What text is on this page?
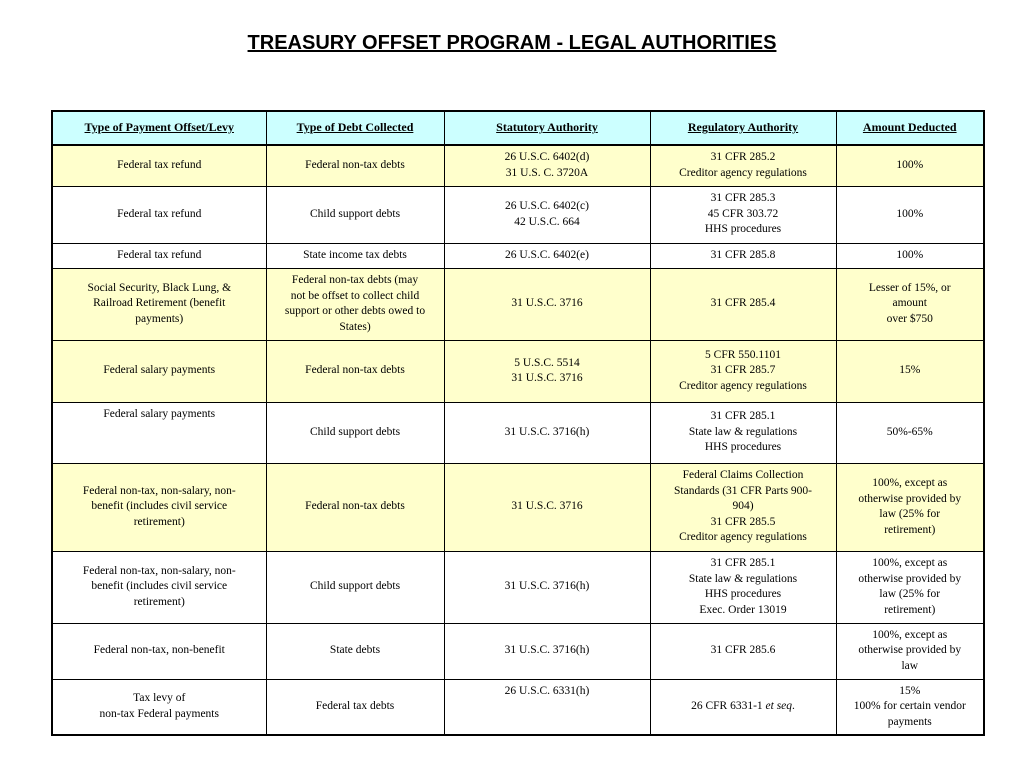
TREASURY OFFSET PROGRAM - LEGAL AUTHORITIES
Type of Payment Offset/Levy	Type of Debt Collected	Statutory Authority	Regulatory Authority	Amount Deducted
Federal tax refund	Federal non-tax debts	26 U.S.C. 6402(d)
31 U.S. C. 3720A	31 CFR 285.2
Creditor agency regulations	100%
Federal tax refund	Child support debts	26 U.S.C. 6402(c)
42 U.S.C. 664	31 CFR 285.3
45 CFR 303.72
HHS procedures	100%
Federal tax refund	State income tax debts	26 U.S.C. 6402(e)	31 CFR 285.8	100%
Social Security, Black Lung, &
Railroad Retirement (benefit
payments)	Federal non-tax debts (may
not be offset to collect child
support or other debts owed to
States)	31 U.S.C. 3716	31 CFR 285.4	Lesser of 15%, or
amount
over $750
Federal salary payments	Federal non-tax debts	5 U.S.C. 5514
31 U.S.C. 3716	5 CFR 550.1101
31 CFR 285.7
Creditor agency regulations	15%
Federal salary payments	Child support debts	31 U.S.C. 3716(h)	31 CFR 285.1
State law & regulations
HHS procedures	50%-65%
Federal non-tax, non-salary, non-
benefit (includes civil service
retirement)	Federal non-tax debts	31 U.S.C. 3716	Federal Claims Collection
Standards (31 CFR Parts 900-
904)
31 CFR 285.5
Creditor agency regulations	100%, except as
otherwise provided by
law (25% for
retirement)
Federal non-tax, non-salary, non-
benefit (includes civil service
retirement)	Child support debts	31 U.S.C. 3716(h)	31 CFR 285.1
State law & regulations
HHS procedures
Exec. Order 13019	100%, except as
otherwise provided by
law (25% for
retirement)
Federal non-tax, non-benefit	State debts	31 U.S.C. 3716(h)	31 CFR 285.6	100%, except as
otherwise provided by
law
Tax levy of
non-tax Federal payments	Federal tax debts	26 U.S.C. 6331(h)	26 CFR 6331-1 et seq.	15%
100% for certain vendor
payments
